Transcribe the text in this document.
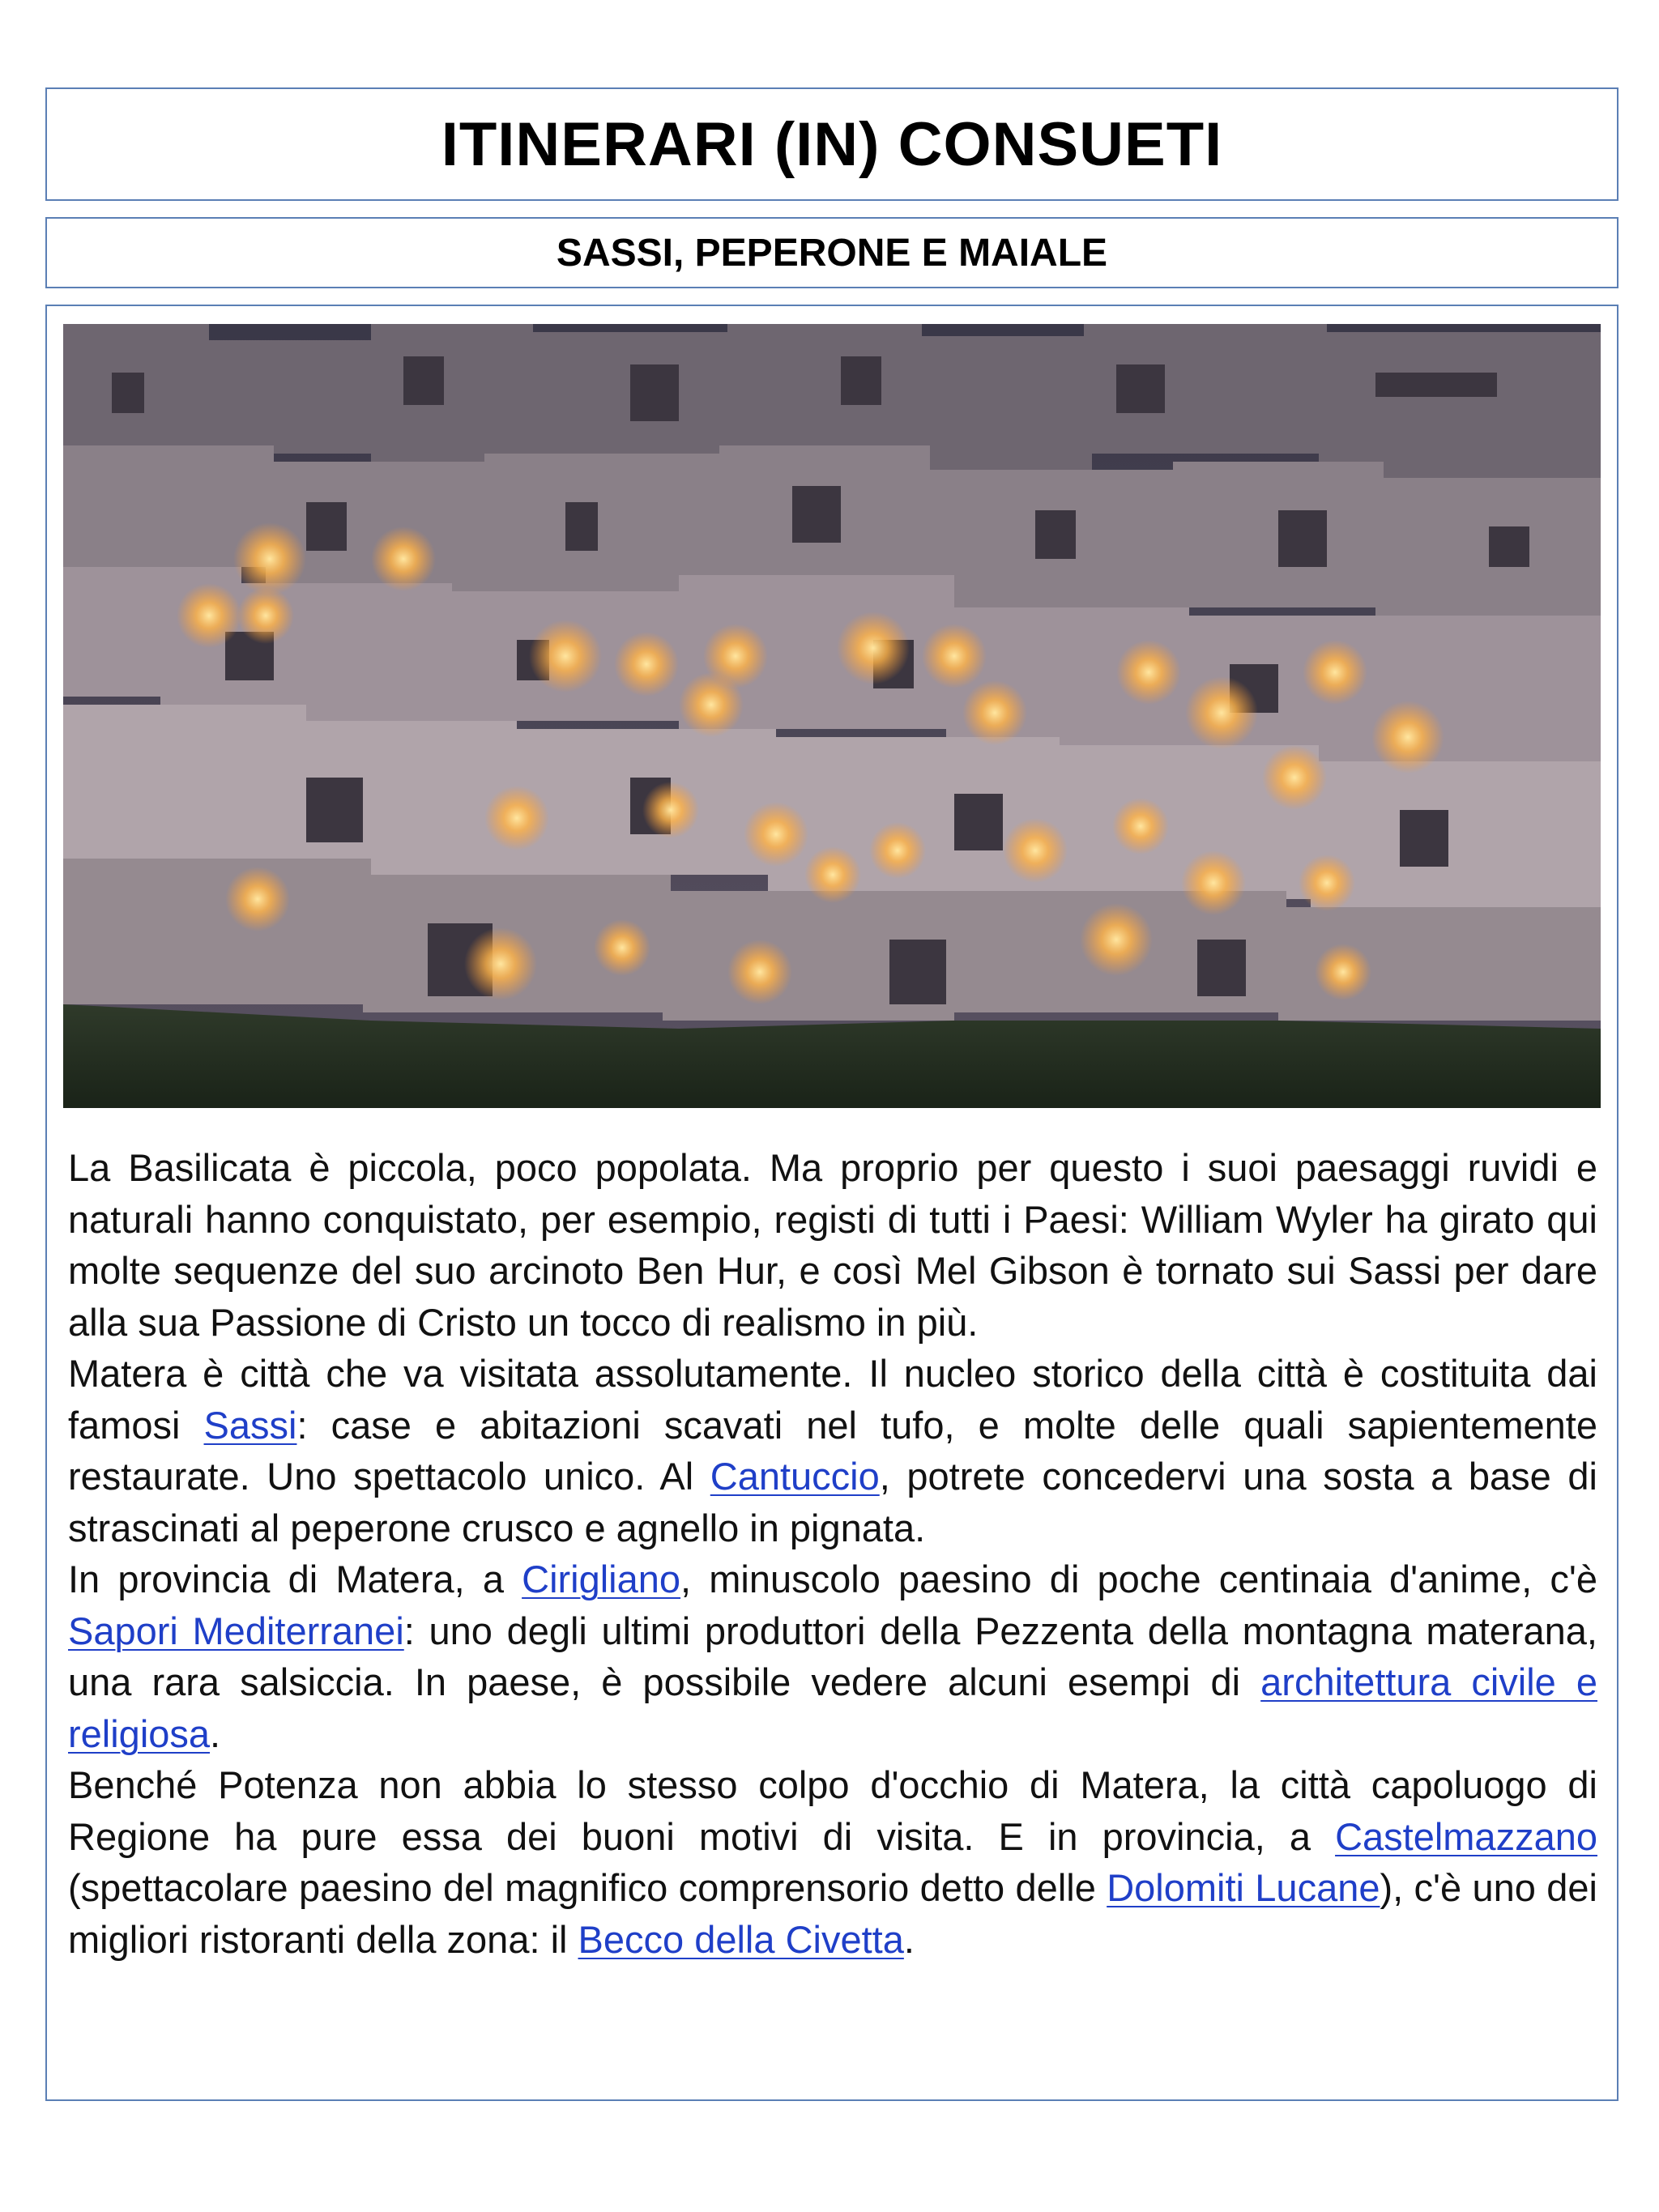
ITINERARI (IN) CONSUETI
SASSI, PEPERONE E MAIALE

La Basilicata è piccola, poco popolata. Ma proprio per questo i suoi paesaggi ruvidi e naturali hanno conquistato, per esempio, registi di tutti i Paesi: William Wyler ha girato qui molte sequenze del suo arcinoto Ben Hur, e così Mel Gibson è tornato sui Sassi per dare alla sua Passione di Cristo un tocco di realismo in più.

Matera è città che va visitata assolutamente. Il nucleo storico della città è costituita dai famosi Sassi: case e abitazioni scavati nel tufo, e molte delle quali sapientemente restaurate. Uno spettacolo unico. Al Cantuccio, potrete concedervi una sosta a base di strascinati al peperone crusco e agnello in pignata.

In provincia di Matera, a Cirigliano, minuscolo paesino di poche centinaia d'anime, c'è Sapori Mediterranei: uno degli ultimi produttori della Pezzenta della montagna materana, una rara salsiccia. In paese, è possibile vedere alcuni esempi di architettura civile e religiosa.

Benché Potenza non abbia lo stesso colpo d'occhio di Matera, la città capoluogo di Regione ha pure essa dei buoni motivi di visita. E in provincia, a Castelmazzano (spettacolare paesino del magnifico comprensorio detto delle Dolomiti Lucane), c'è uno dei migliori ristoranti della zona: il Becco della Civetta.
